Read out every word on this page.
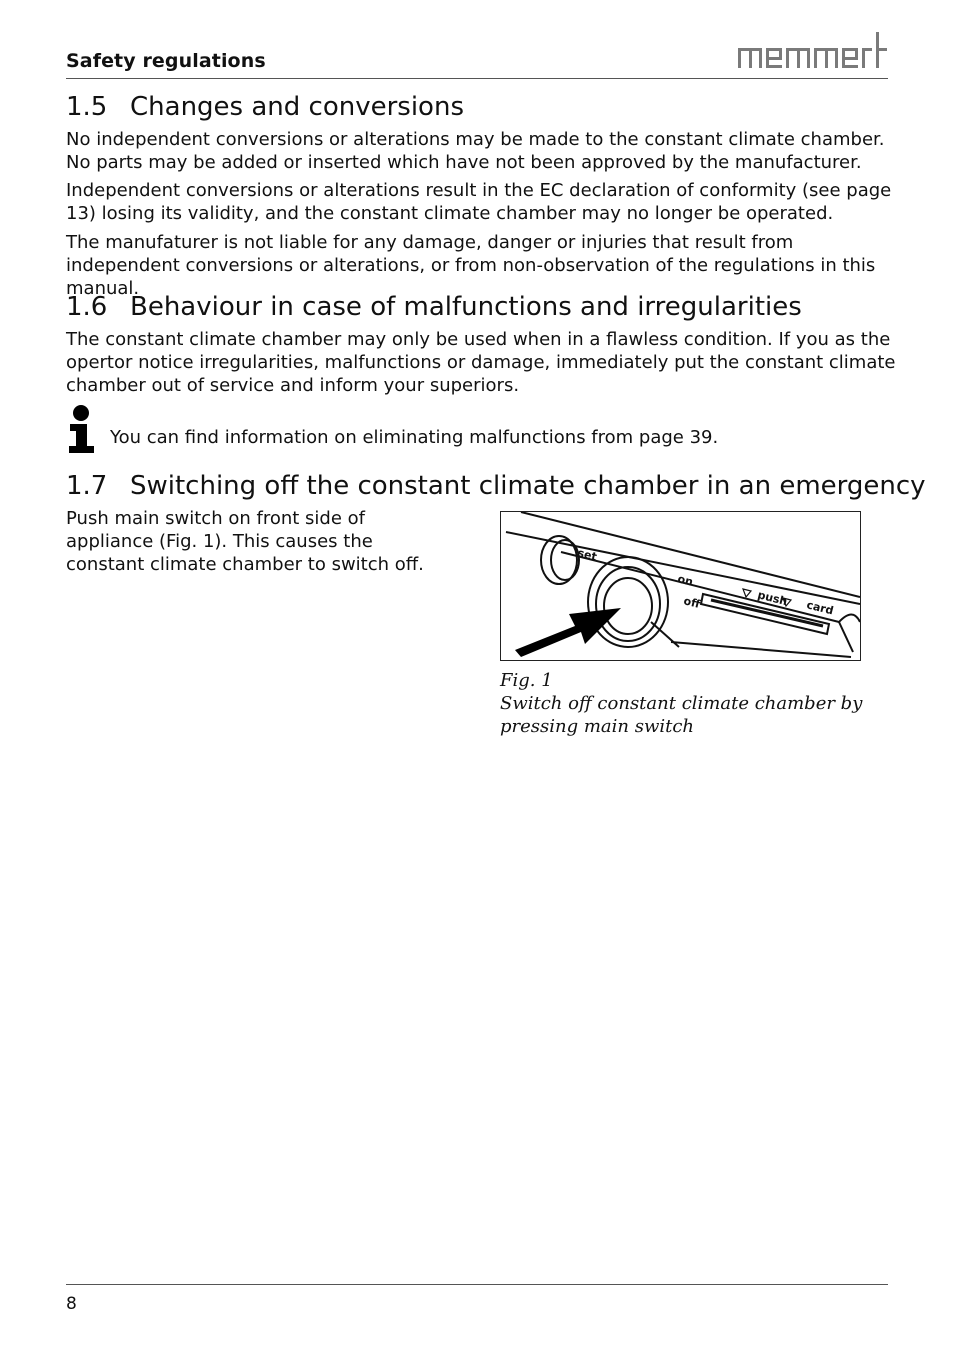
Safety regulations
1.5 Changes and conversions

No independent conversions or alterations may be made to the constant climate chamber. No parts may be added or inserted which have not been approved by the manufacturer.

Independent conversions or alterations result in the EC declaration of conformity (see page 13) losing its validity, and the constant climate chamber may no longer be operated.

The manufaturer is not liable for any damage, danger or injuries that result from independent conversions or alterations, or from non-observation of the regulations in this manual.

1.6 Behaviour in case of malfunctions and irregularities

The constant climate chamber may only be used when in a flawless condition. If you as the opertor notice irregularities, malfunctions or damage, immediately put the constant climate chamber out of service and inform your superiors.

You can find information on eliminating malfunctions from page 39.

1.7 Switching off the constant climate chamber in an emergency

Push main switch on front side of appliance (Fig. 1). This causes the constant climate chamber to switch off.	set
on
off	push card
Fig. 1
Switch off constant climate chamber by
pressing main switch
8
